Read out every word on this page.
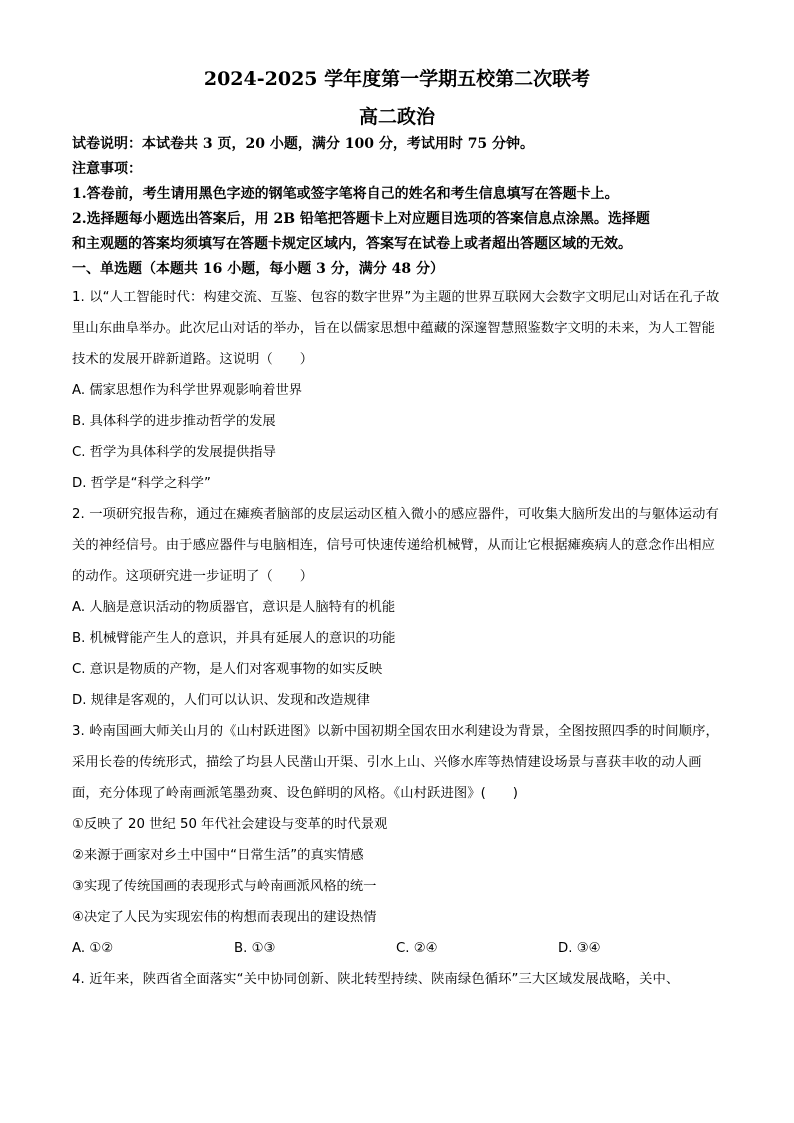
2024-2025 学年度第一学期五校第二次联考
高二政治
试卷说明：本试卷共 3 页，20 小题，满分 100 分，考试用时 75 分钟。
注意事项：
1.答卷前，考生请用黑色字迹的钢笔或签字笔将自己的姓名和考生信息填写在答题卡上。
2.选择题每小题选出答案后，用 2B 铅笔把答题卡上对应题目选项的答案信息点涂黑。选择题
和主观题的答案均须填写在答题卡规定区域内，答案写在试卷上或者超出答题区域的无效。
一、单选题（本题共 16 小题，每小题 3 分，满分 48 分）
1. 以“人工智能时代：构建交流、互鉴、包容的数字世界”为主题的世界互联网大会数字文明尼山对话在孔子故里山东曲阜举办。此次尼山对话的举办，旨在以儒家思想中蕴藏的深邃智慧照鉴数字文明的未来，为人工智能技术的发展开辟新道路。这说明（　　）
A. 儒家思想作为科学世界观影响着世界
B. 具体科学的进步推动哲学的发展
C. 哲学为具体科学的发展提供指导
D. 哲学是“科学之科学”
2. 一项研究报告称，通过在瘫痪者脑部的皮层运动区植入微小的感应器件，可收集大脑所发出的与躯体运动有关的神经信号。由于感应器件与电脑相连，信号可快速传递给机械臂，从而让它根据瘫痪病人的意念作出相应的动作。这项研究进一步证明了（　　）
A. 人脑是意识活动的物质器官，意识是人脑特有的机能
B. 机械臂能产生人的意识，并具有延展人的意识的功能
C. 意识是物质的产物，是人们对客观事物的如实反映
D. 规律是客观的，人们可以认识、发现和改造规律
3. 岭南国画大师关山月的《山村跃进图》以新中国初期全国农田水利建设为背景，全图按照四季的时间顺序，采用长卷的传统形式，描绘了均县人民凿山开渠、引水上山、兴修水库等热情建设场景与喜获丰收的动人画面，充分体现了岭南画派笔墨劲爽、设色鲜明的风格。《山村跃进图》(　　)
①反映了 20 世纪 50 年代社会建设与变革的时代景观
②来源于画家对乡土中国中“日常生活”的真实情感
③实现了传统国画的表现形式与岭南画派风格的统一
④决定了人民为实现宏伟的构想而表现出的建设热情
A. ①②	B. ①③	C. ②④	D. ③④
4. 近年来，陕西省全面落实“关中协同创新、陕北转型持续、陕南绿色循环”三大区域发展战略，关中、
